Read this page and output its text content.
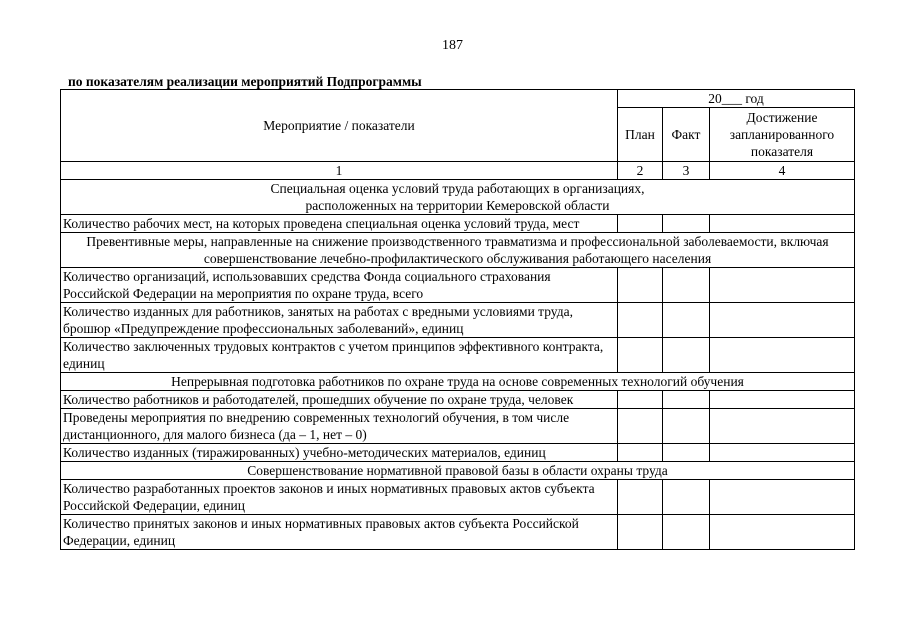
187
по показателям реализации мероприятий Подпрограммы
Мероприятие / показатели	20___ год		
	План	Факт	Достижение запланированного показателя
1	2	3	4
Специальная оценка условий труда работающих в организациях, расположенных на территории Кемеровской области			
Количество рабочих мест, на которых проведена специальная оценка условий труда, мест			
Превентивные меры, направленные на снижение производственного травматизма и профессиональной заболеваемости, включая совершенствование лечебно-профилактического обслуживания работающего населения			
Количество организаций, использовавших средства Фонда социального страхования Российской Федерации на мероприятия по охране труда, всего			
Количество изданных для работников, занятых на работах с вредными условиями труда, брошюр «Предупреждение профессиональных заболеваний», единиц			
Количество заключенных трудовых контрактов с учетом принципов эффективного контракта, единиц			
Непрерывная подготовка работников по охране труда на основе современных технологий обучения			
Количество работников и работодателей, прошедших обучение по охране труда, человек			
Проведены мероприятия по внедрению современных технологий обучения, в том числе дистанционного, для малого бизнеса (да – 1, нет – 0)			
Количество изданных (тиражированных) учебно-методических материалов, единиц			
Совершенствование нормативной правовой базы в области охраны труда			
Количество разработанных проектов законов и иных нормативных правовых актов субъекта Российской Федерации, единиц			
Количество принятых законов и иных нормативных правовых актов субъекта Российской Федерации, единиц			
